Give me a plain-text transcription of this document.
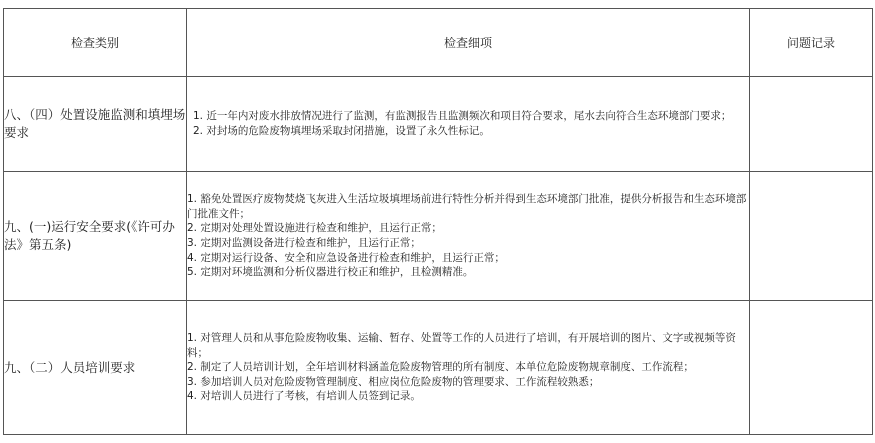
检查类别	检查细项	问题记录
八、（四）处置设施监测和填埋场要求	1. 近一年内对废水排放情况进行了监测，有监测报告且监测频次和项目符合要求，尾水去向符合生态环境部门要求；
2. 对封场的危险废物填埋场采取封闭措施，设置了永久性标记。	

九、(一)运行安全要求(《许可办法》第五条)	1. 豁免处置医疗废物焚烧飞灰进入生活垃圾填埋场前进行特性分析并得到生态环境部门批准，提供分析报告和生态环境部门批准文件；
2. 定期对处理处置设施进行检查和维护，且运行正常；
3. 定期对监测设备进行检查和维护，且运行正常；
4. 定期对运行设备、安全和应急设备进行检查和维护，且运行正常；
5. 定期对环境监测和分析仪器进行校正和维护，且检测精准。	

九、（二）人员培训要求	1. 对管理人员和从事危险废物收集、运输、暂存、处置等工作的人员进行了培训，有开展培训的图片、文字或视频等资料；
2. 制定了人员培训计划，全年培训材料涵盖危险废物管理的所有制度、本单位危险废物规章制度、工作流程；
3. 参加培训人员对危险废物管理制度、相应岗位危险废物的管理要求、工作流程较熟悉；
4. 对培训人员进行了考核，有培训人员签到记录。	
